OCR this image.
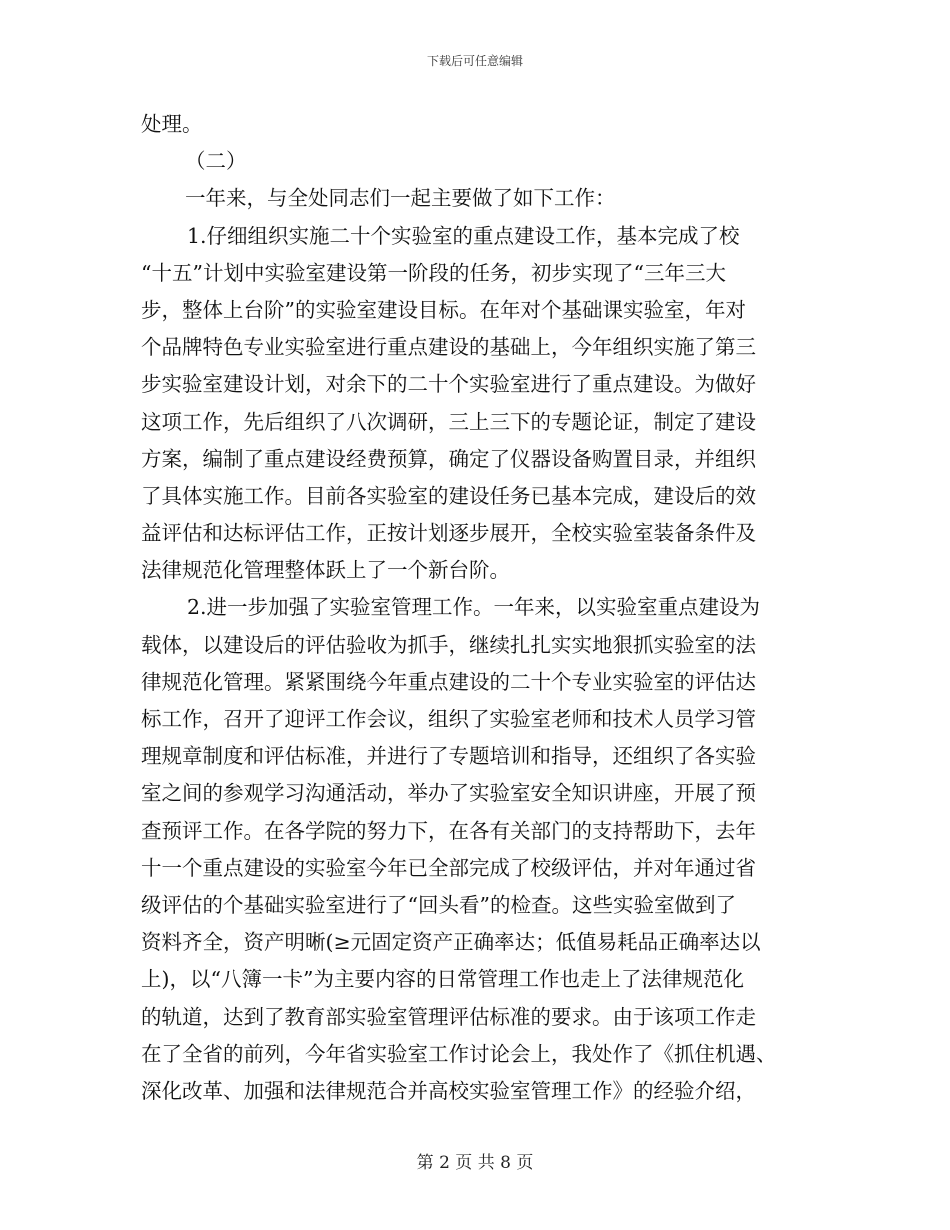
下载后可任意编辑
处理。
（二）
一年来，与全处同志们一起主要做了如下工作：
1.仔细组织实施二十个实验室的重点建设工作，基本完成了校
“十五”计划中实验室建设第一阶段的任务，初步实现了“三年三大
步，整体上台阶”的实验室建设目标。在年对个基础课实验室，年对
个品牌特色专业实验室进行重点建设的基础上，今年组织实施了第三
步实验室建设计划，对余下的二十个实验室进行了重点建设。为做好
这项工作，先后组织了八次调研，三上三下的专题论证，制定了建设
方案，编制了重点建设经费预算，确定了仪器设备购置目录，并组织
了具体实施工作。目前各实验室的建设任务已基本完成，建设后的效
益评估和达标评估工作，正按计划逐步展开，全校实验室装备条件及
法律规范化管理整体跃上了一个新台阶。
2.进一步加强了实验室管理工作。一年来，以实验室重点建设为
载体，以建设后的评估验收为抓手，继续扎扎实实地狠抓实验室的法
律规范化管理。紧紧围绕今年重点建设的二十个专业实验室的评估达
标工作，召开了迎评工作会议，组织了实验室老师和技术人员学习管
理规章制度和评估标准，并进行了专题培训和指导，还组织了各实验
室之间的参观学习沟通活动，举办了实验室安全知识讲座，开展了预
查预评工作。在各学院的努力下，在各有关部门的支持帮助下，去年
十一个重点建设的实验室今年已全部完成了校级评估，并对年通过省
级评估的个基础实验室进行了“回头看”的检查。这些实验室做到了
资料齐全，资产明晰(≥元固定资产正确率达；低值易耗品正确率达以
上)，以“八簿一卡”为主要内容的日常管理工作也走上了法律规范化
的轨道，达到了教育部实验室管理评估标准的要求。由于该项工作走
在了全省的前列，今年省实验室工作讨论会上，我处作了《抓住机遇、
深化改革、加强和法律规范合并高校实验室管理工作》的经验介绍，
第 2 页 共 8 页
